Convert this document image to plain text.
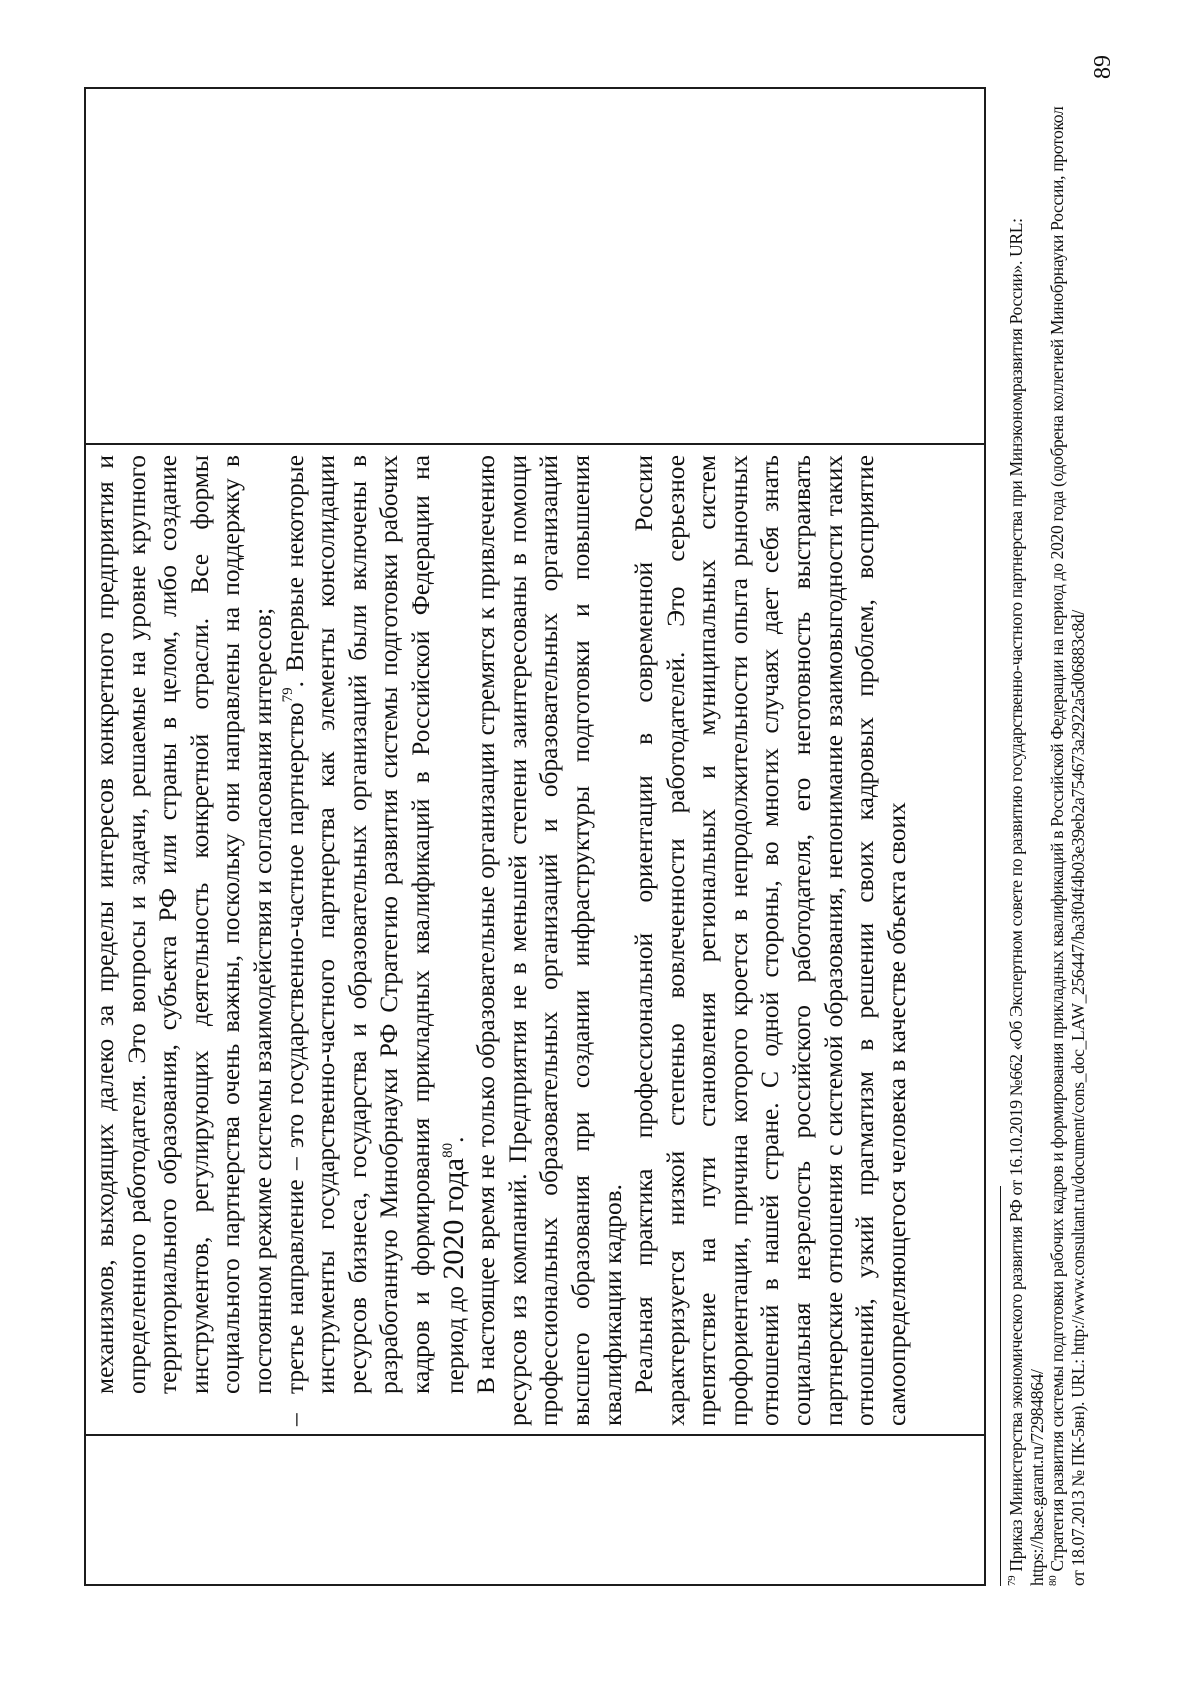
механизмов, выходящих далеко за пределы интересов конкретного предприятия и определенного работодателя. Это вопросы и задачи, решаемые на уровне крупного территориального образования, субъекта РФ или страны в целом, либо создание инструментов, регулирующих деятельность конкретной отрасли. Все формы социального партнерства очень важны, поскольку они направлены на поддержку в постоянном режиме системы взаимодействия и согласования интересов;

–

третье направление – это государственно-частное партнерство$^{79}$. Впервые некоторые инструменты государственно-частного партнерства как элементы консолидации ресурсов бизнеса, государства и образовательных организаций были включены в разработанную Минобрнауки РФ Стратегию развития системы подготовки рабочих кадров и формирования прикладных квалификаций в Российской Федерации на период до 2020 года$^{80}$. В настоящее время не только образовательные организации стремятся к привлечению ресурсов из компаний. Предприятия не в меньшей степени заинтересованы в помощи профессиональных образовательных организаций и образовательных организаций высшего образования при создании инфраструктуры подготовки и повышения квалификации кадров. Реальная практика профессиональной ориентации в современной России характеризуется низкой степенью вовлеченности работодателей. Это серьезное препятствие на пути становления региональных и муниципальных систем профориентации, причина которого кроется в непродолжительности опыта рыночных отношений в нашей стране. С одной стороны, во многих случаях дает себя знать социальная незрелость российского работодателя, его неготовность выстраивать партнерские отношения с системой образования, непонимание взаимовыгодности таких отношений, узкий прагматизм в решении своих кадровых проблем, восприятие самоопределяющегося человека в качестве объекта своих

$^{79}$ Приказ Министерства экономического развития РФ от 16.10.2019 №662 «Об Экспертном совете по развитию государственно-частного партнерства при Минэкономразвития России». URL: https://base.garant.ru/72984864/ $^{80}$ Стратегия развития системы подготовки рабочих кадров и формирования прикладных квалификаций в Российской Федерации на период до 2020 года (одобрена коллегией Минобрнауки России, протокол от 18.07.2013 № ПК-5вн). URL: http://www.consultant.ru/document/cons_doc_LAW_256447/ba3f04f4b03e39eb2a754673a2922a5d06883c8d/

89
